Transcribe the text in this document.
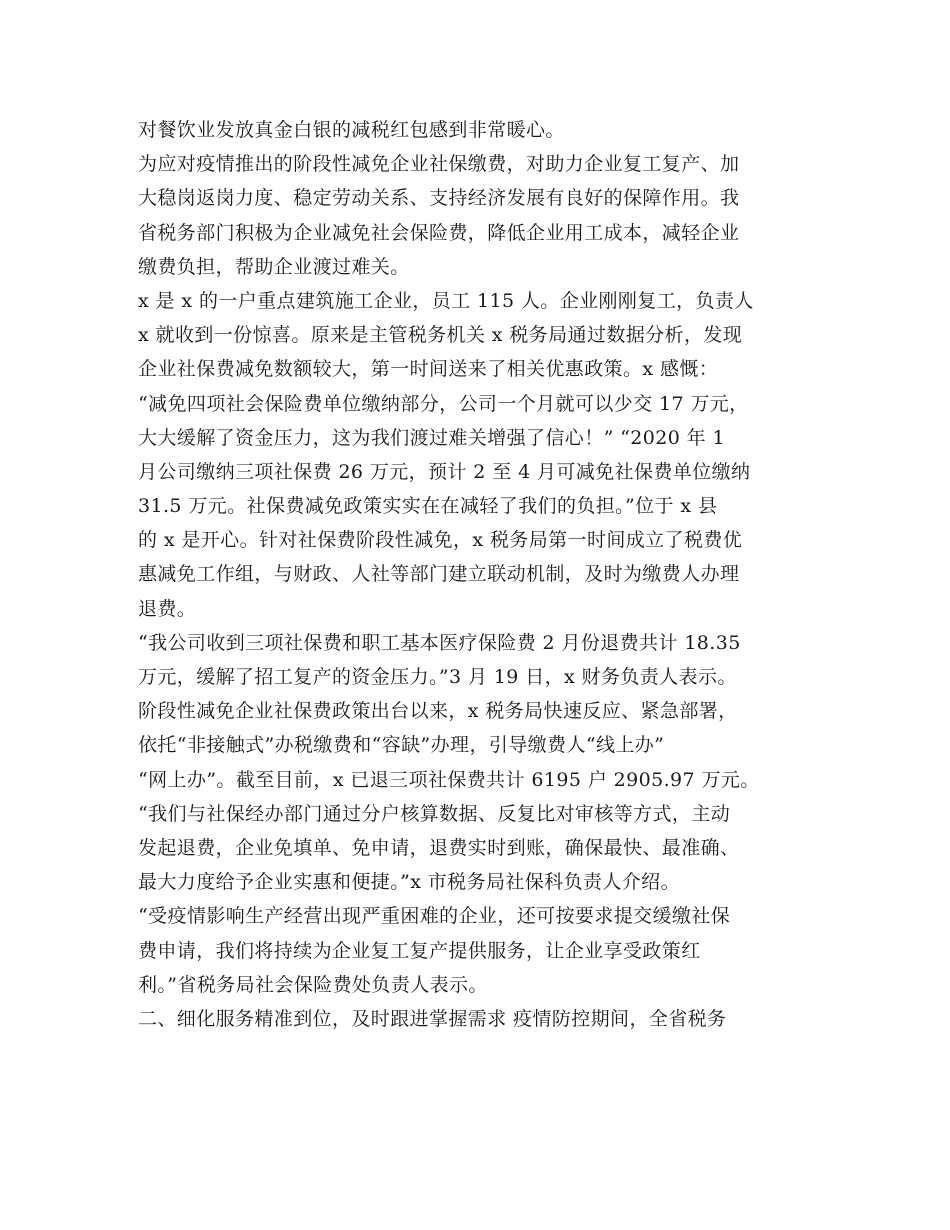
对餐饮业发放真金白银的减税红包感到非常暖心。
为应对疫情推出的阶段性减免企业社保缴费，对助力企业复工复产、加
大稳岗返岗力度、稳定劳动关系、支持经济发展有良好的保障作用。我
省税务部门积极为企业减免社会保险费，降低企业用工成本，减轻企业
缴费负担，帮助企业渡过难关。
x 是 x 的一户重点建筑施工企业，员工 115 人。企业刚刚复工，负责人
x 就收到一份惊喜。原来是主管税务机关 x 税务局通过数据分析，发现
企业社保费减免数额较大，第一时间送来了相关优惠政策。x 感慨：
“减免四项社会保险费单位缴纳部分，公司一个月就可以少交 17 万元，
大大缓解了资金压力，这为我们渡过难关增强了信心！” “2020 年 1
月公司缴纳三项社保费 26 万元，预计 2 至 4 月可减免社保费单位缴纳
31.5 万元。社保费减免政策实实在在减轻了我们的负担。”位于 x 县
的 x 是开心。针对社保费阶段性减免，x 税务局第一时间成立了税费优
惠减免工作组，与财政、人社等部门建立联动机制，及时为缴费人办理
退费。
“我公司收到三项社保费和职工基本医疗保险费 2 月份退费共计 18.35
万元，缓解了招工复产的资金压力。”3 月 19 日，x 财务负责人表示。
阶段性减免企业社保费政策出台以来，x 税务局快速反应、紧急部署，
依托“非接触式”办税缴费和“容缺”办理，引导缴费人“线上办”
“网上办”。截至目前，x 已退三项社保费共计 6195 户 2905.97 万元。
“我们与社保经办部门通过分户核算数据、反复比对审核等方式，主动
发起退费，企业免填单、免申请，退费实时到账，确保最快、最准确、
最大力度给予企业实惠和便捷。”x 市税务局社保科负责人介绍。
“受疫情影响生产经营出现严重困难的企业，还可按要求提交缓缴社保
费申请，我们将持续为企业复工复产提供服务，让企业享受政策红
利。”省税务局社会保险费处负责人表示。
二、细化服务精准到位，及时跟进掌握需求 疫情防控期间，全省税务
